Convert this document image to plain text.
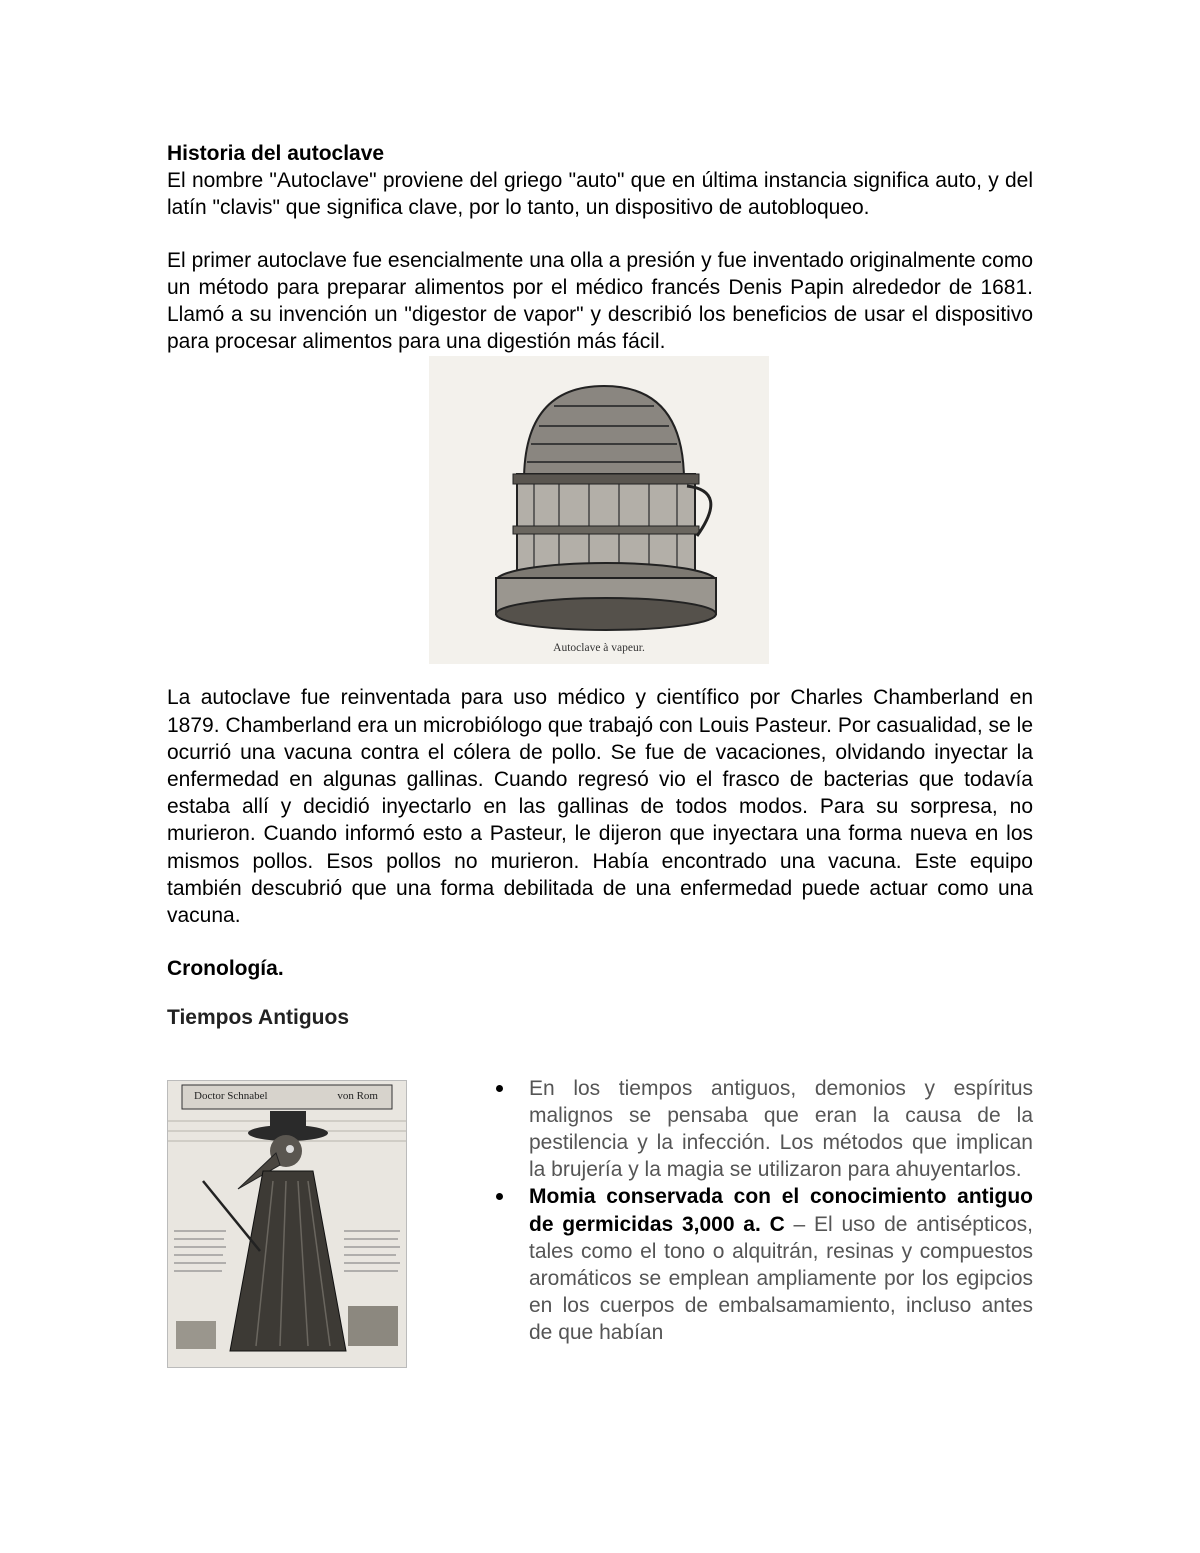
Historia del autoclave

El nombre "Autoclave" proviene del griego "auto" que en última instancia significa auto, y del latín "clavis" que significa clave, por lo tanto, un dispositivo de autobloqueo.

El primer autoclave fue esencialmente una olla a presión y fue inventado originalmente como un método para preparar alimentos por el médico francés Denis Papin alrededor de 1681. Llamó a su invención un "digestor de vapor" y describió los beneficios de usar el dispositivo para procesar alimentos para una digestión más fácil.

Autoclave à vapeur.

La autoclave fue reinventada para uso médico y científico por Charles Chamberland en 1879. Chamberland era un microbiólogo que trabajó con Louis Pasteur. Por casualidad, se le ocurrió una vacuna contra el cólera de pollo. Se fue de vacaciones, olvidando inyectar la enfermedad en algunas gallinas. Cuando regresó vio el frasco de bacterias que todavía estaba allí y decidió inyectarlo en las gallinas de todos modos. Para su sorpresa, no murieron. Cuando informó esto a Pasteur, le dijeron que inyectara una forma nueva en los mismos pollos. Esos pollos no murieron. Había encontrado una vacuna. Este equipo también descubrió que una forma debilitada de una enfermedad puede actuar como una vacuna.

Cronología.

Tiempos Antiguos

Doctor Schnabel	von Rom	En los tiempos antiguos, demonios y espíritus malignos se pensaba que eran la causa de la pestilencia y la infección. Los métodos que implican la brujería y la magia se utilizaron para ahuyentarlos.
Momia conservada con el conocimiento antiguo de germicidas 3,000 a. C – El uso de antisépticos, tales como el tono o alquitrán, resinas y compuestos aromáticos se emplean ampliamente por los egipcios en los cuerpos de embalsamamiento, incluso antes de que habían
